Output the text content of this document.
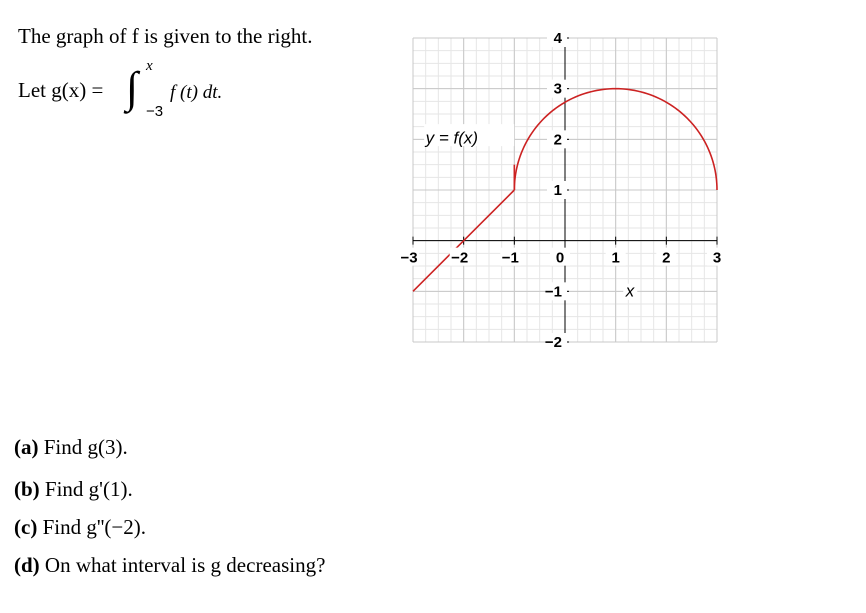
The graph of f is given to the right.
Let g(x) = ∫ x
−3
f (t) dt.
−3 −2 −1 0	1	2	3
−2
−1
1
2
3
4
y = f(x)
x
(a) Find g(3).
(b) Find g'(1).
(c) Find g''(−2).
(d) On what interval is g decreasing?
